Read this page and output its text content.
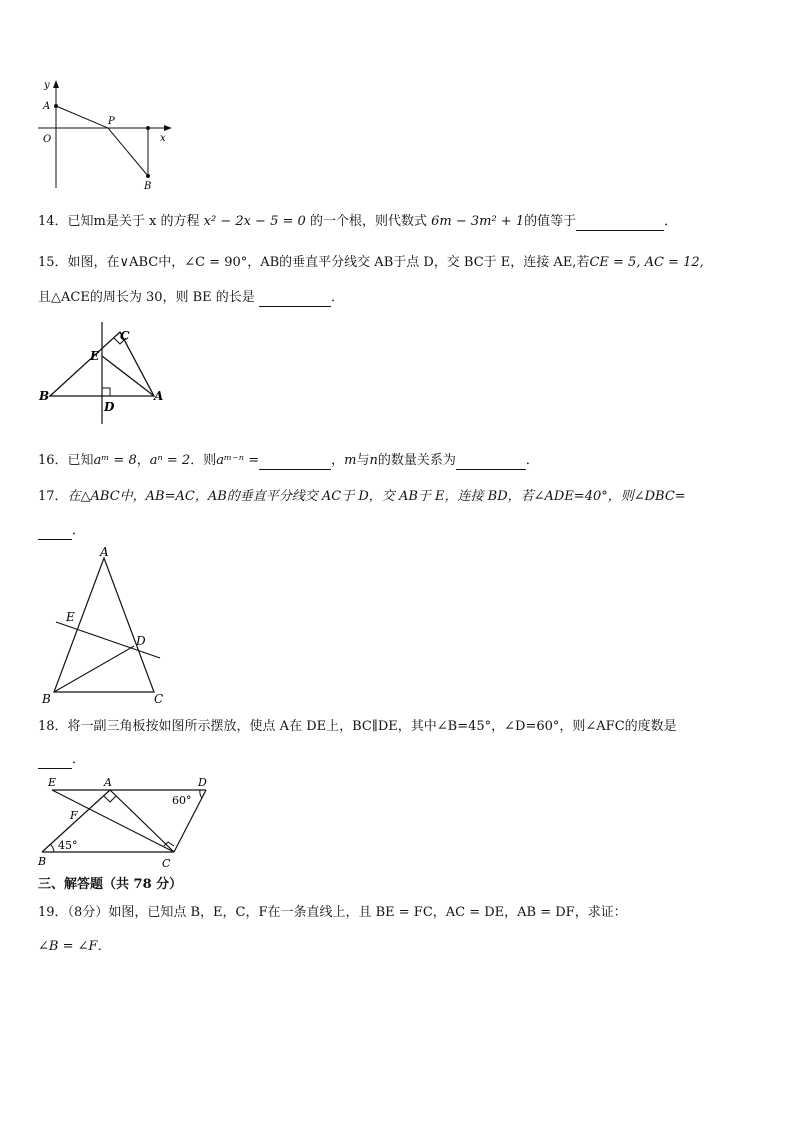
y
A
O
P
x
B
14．已知m是关于 x 的方程 x² − 2x − 5 = 0 的一个根，则代数式 6m − 3m² + 1的值等于	．
15．如图，在∨ABC中，∠C = 90°，AB的垂直平分线交 AB于点 D，交 BC于 E，连接 AE,若CE = 5, AC = 12,
且△ACE的周长为 30，则 BE 的长是	．
E
C
B
D
A
16．已知aᵐ = 8，aⁿ = 2．则aᵐ⁻ⁿ =	，m与n的数量关系为	．
17．在△ABC中，AB=AC，AB的垂直平分线交 AC于 D，交 AB于 E，连接 BD，若∠ADE=40°，则∠DBC=
．
A
E
D
B	C
18．将一副三角板按如图所示摆放，使点 A在 DE上，BC∥DE，其中∠B=45°，∠D=60°，则∠AFC的度数是
．
E	A	D
60°
F
45°
B	C
三、解答题（共 78 分）
19．（8分）如图，已知点 B，E，C，F在一条直线上，且 BE = FC，AC = DE，AB = DF，求证：
∠B = ∠F．
